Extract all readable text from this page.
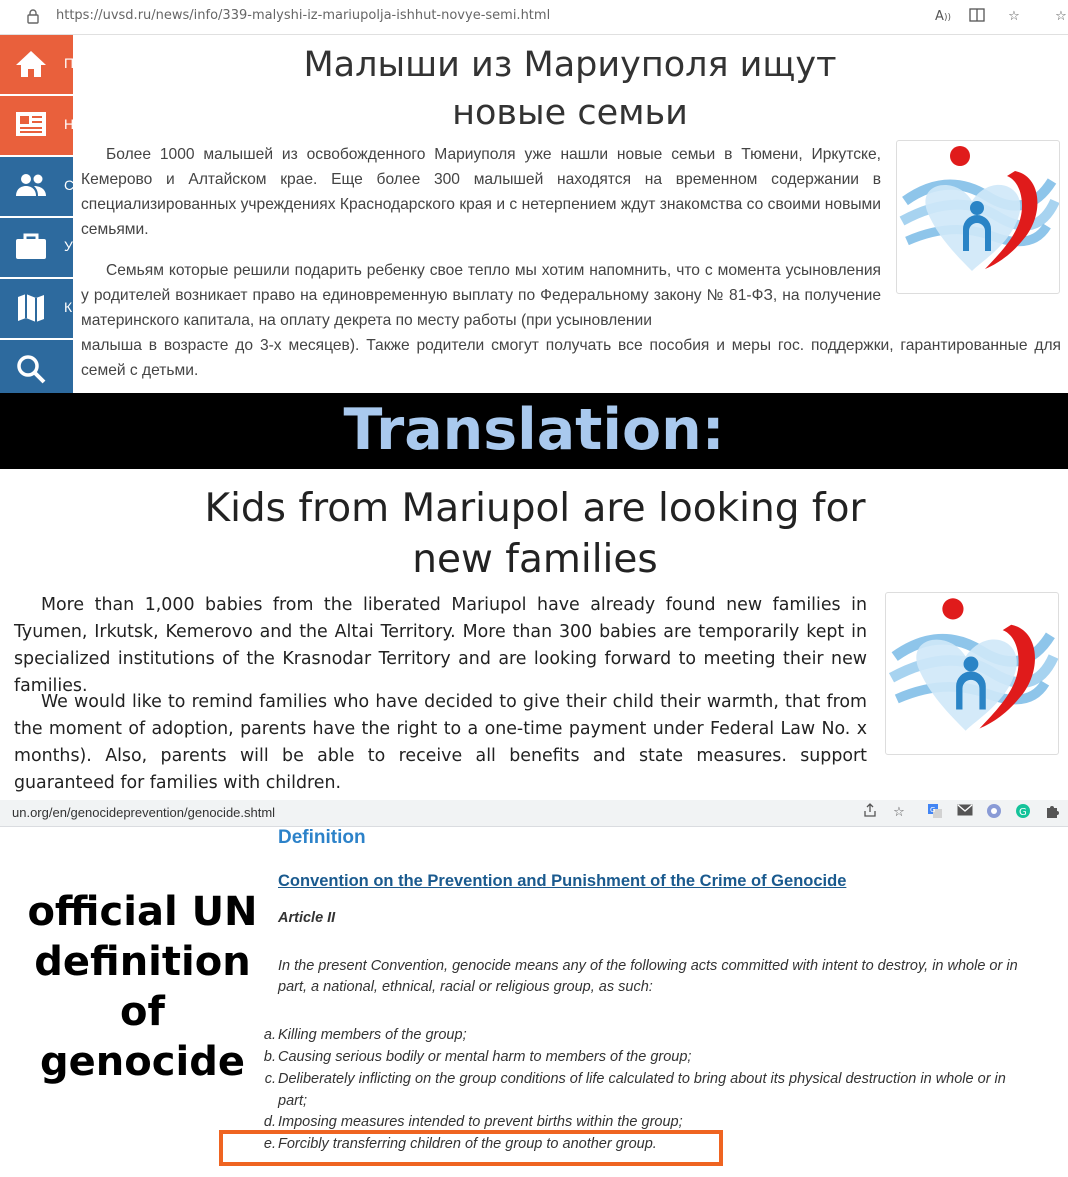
https://uvsd.ru/news/info/339-malyshi-iz-mariupolja-ishhut-novye-semi.html	A))	☆	☆
П
Н
С
У
К
Малыши из Мариуполя ищут
новые семьи
Более 1000 малышей из освобожденного Мариуполя уже нашли новые семьи в Тюмени, Иркутске, Кемерово и Алтайском крае. Еще более 300 малышей находятся на временном содержании в специализированных учреждениях Краснодарского края и с нетерпением ждут знакомства со своими новыми семьями.
Семьям которые решили подарить ребенку свое тепло мы хотим напомнить, что с момента усыновления у родителей возникает право на единовременную выплату по Федеральному закону № 81-ФЗ, на получение материнского капитала, на оплату декрета по месту работы (при усыновлении
малыша в возрасте до 3-х месяцев). Также родители смогут получать все пособия и меры гос. поддержки, гарантированные для семей с детьми.
Translation:
Kids from Mariupol are looking for
new families
More than 1,000 babies from the liberated Mariupol have already found new families in Tyumen, Irkutsk, Kemerovo and the Altai Territory. More than 300 babies are temporarily kept in specialized institutions of the Krasnodar Territory and are looking forward to meeting their new families.
We would like to remind families who have decided to give their child their warmth, that from the moment of adoption, parents have the right to a one-time payment under Federal Law No. x months). Also, parents will be able to receive all benefits and state measures. support guaranteed for families with children.
un.org/en/genocideprevention/genocide.shtml	☆	G	G
official UN
definition
of genocide
Definition
Convention on the Prevention and Punishment of the Crime of Genocide
Article II
In the present Convention, genocide means any of the following acts committed with intent to destroy, in whole or in part, a national, ethnical, racial or religious group, as such:
a. Killing members of the group;
b. Causing serious bodily or mental harm to members of the group;
c. Deliberately inflicting on the group conditions of life calculated to bring about its physical destruction in whole or in part;
d. Imposing measures intended to prevent births within the group;
e. Forcibly transferring children of the group to another group.
